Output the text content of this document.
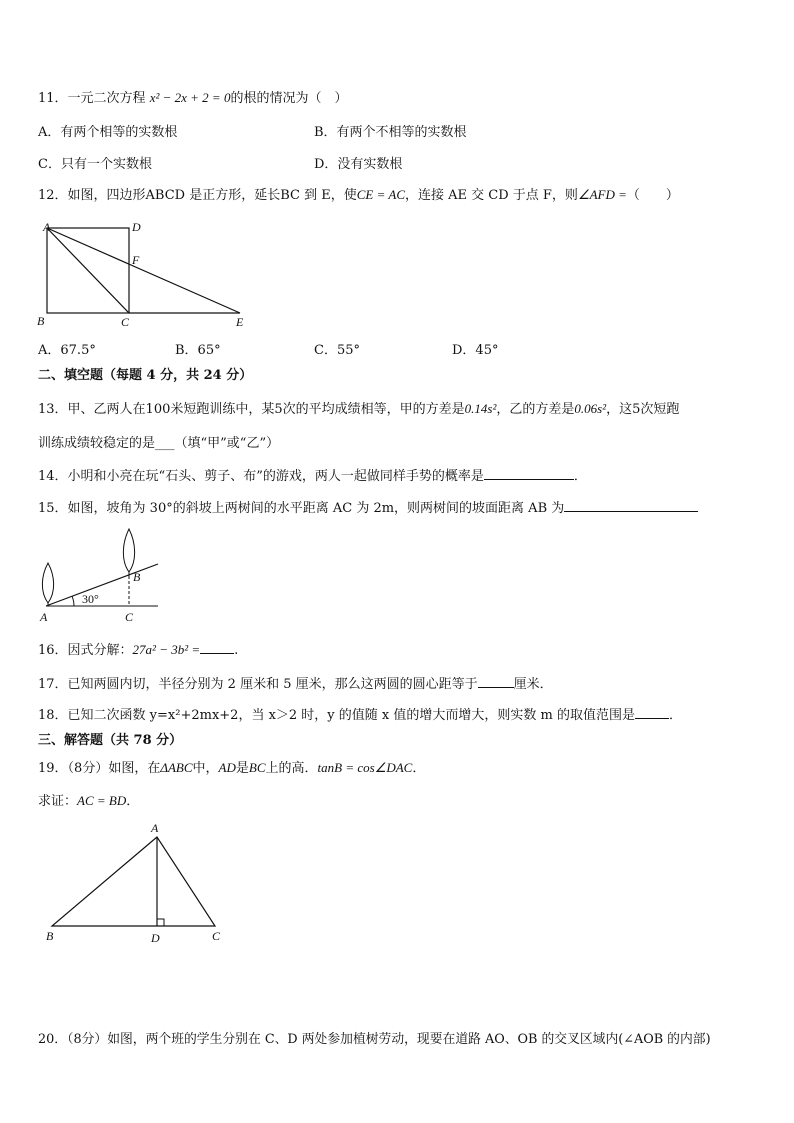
11．一元二次方程 x² − 2x + 2 = 0的根的情况为（　）
A．有两个相等的实数根	B．有两个不相等的实数根
C．只有一个实数根	D．没有实数根
12．如图，四边形ABCD 是正方形，延长BC 到 E，使CE = AC，连接 AE 交 CD 于点 F，则∠AFD =（　　）
A	D
F
B	C	E
A．67.5°	B．65°	C．55°	D．45°
二、填空题（每题 4 分，共 24 分）
13．甲、乙两人在100米短跑训练中，某5次的平均成绩相等，甲的方差是0.14s²，乙的方差是0.06s²，这5次短跑
训练成绩较稳定的是___（填“甲”或“乙”）
14．小明和小亮在玩“石头、剪子、布”的游戏，两人一起做同样手势的概率是	．
15．如图，坡角为 30°的斜坡上两树间的水平距离 AC 为 2m，则两树间的坡面距离 AB 为
30°
A
B
C
16．因式分解：27a² − 3b² =	.
17．已知两圆内切，半径分别为 2 厘米和 5 厘米，那么这两圆的圆心距等于	厘米．
18．已知二次函数 y=x²+2mx+2，当 x＞2 时，y 的值随 x 值的增大而增大，则实数 m 的取值范围是	．
三、解答题（共 78 分）
19．（8分）如图，在ΔABC中，AD是BC上的高．tanB = cos∠DAC．
求证：AC = BD．
A
B	D	C
20．（8分）如图，两个班的学生分别在 C、D 两处参加植树劳动，现要在道路 AO、OB 的交叉区域内(∠AOB 的内部)
